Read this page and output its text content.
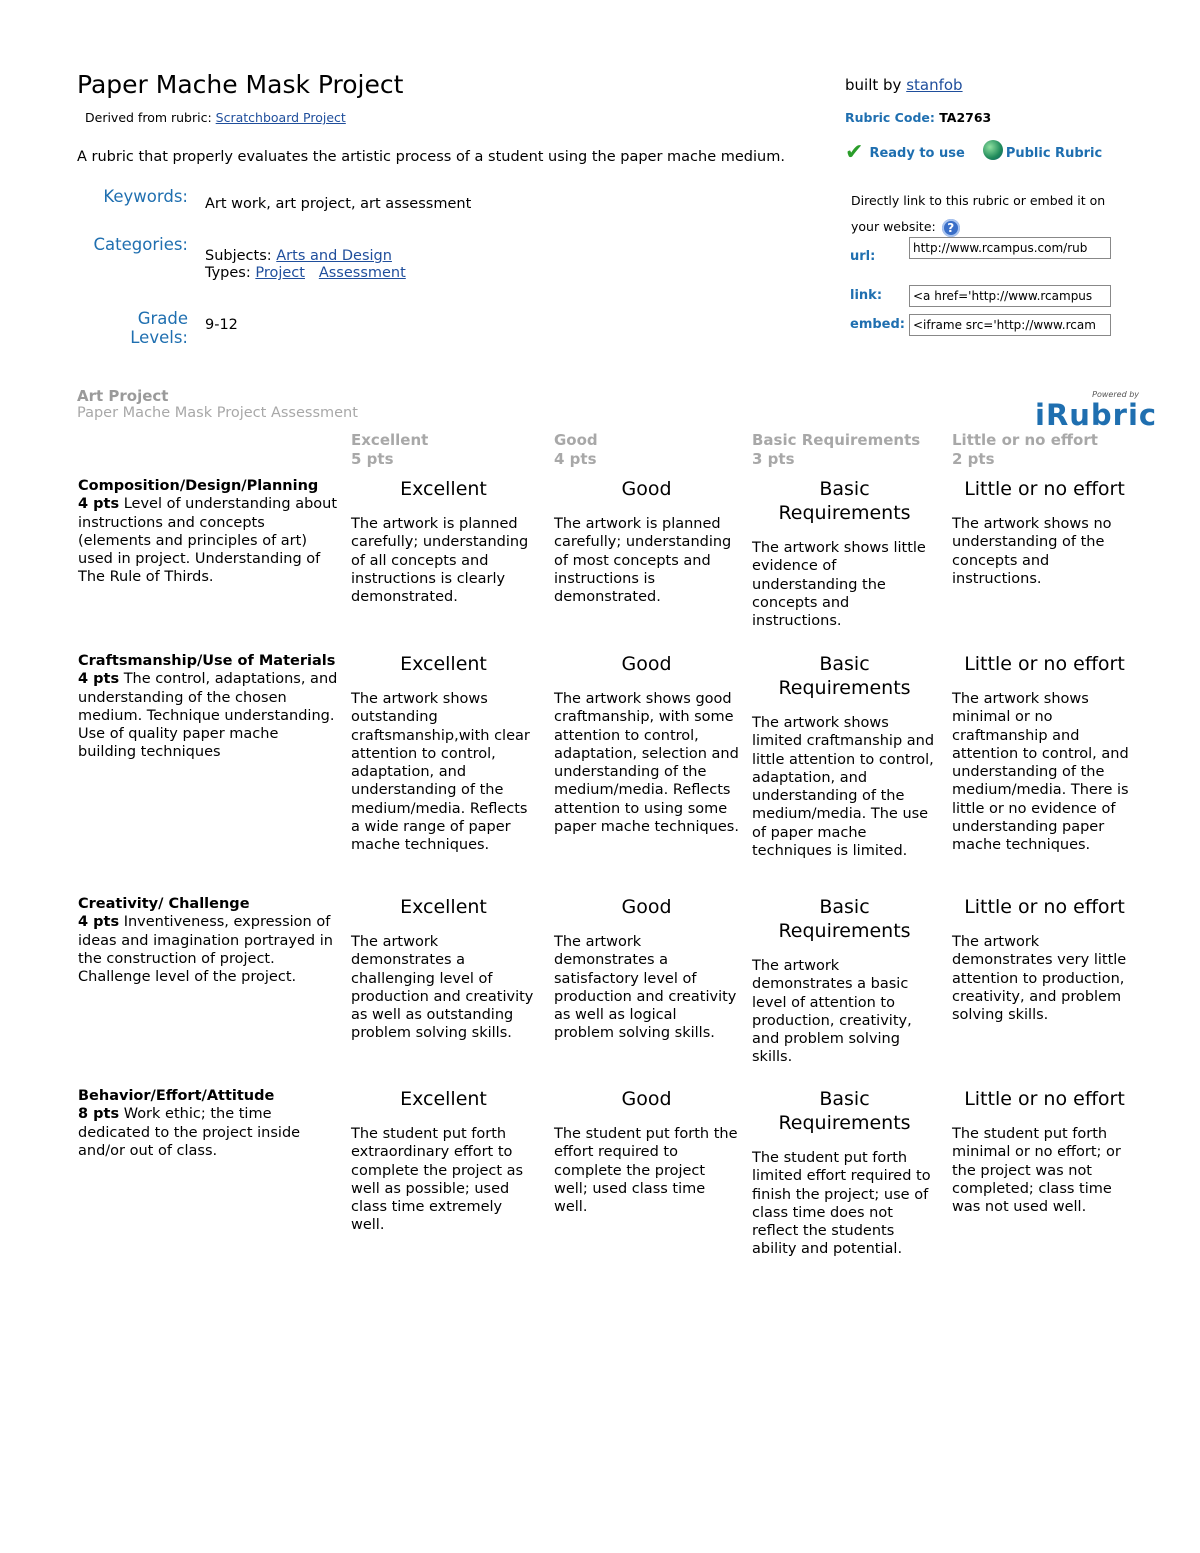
Paper Mache Mask Project
Derived from rubric: Scratchboard Project
A rubric that properly evaluates the artistic process of a student using the paper mache medium.
Keywords: Art work, art project, art assessment
Categories:
Subjects: Arts and Design
Types: Project Assessment
Grade Levels:
9-12
built by stanfob
Rubric Code: TA2763
✔ Ready to use	Public Rubric
Directly link to this rubric or embed it on your website: ?
url:
http://www.rcampus.com/rub
link:
<a href='http://www.rcampus
embed:
<iframe src='http://www.rcam
Art Project
Paper Mache Mask Project Assessment
Powered by
iRubric
Excellent
5 pts
Good
4 pts
Basic Requirements
3 pts
Little or no effort
2 pts
Composition/Design/Planning
4 pts Level of understanding about instructions and concepts (elements and principles of art) used in project. Understanding of The Rule of Thirds.
Excellent
The artwork is planned carefully; understanding of all concepts and instructions is clearly demonstrated.
Good
The artwork is planned carefully; understanding of most concepts and instructions is demonstrated.
Basic Requirements
The artwork shows little evidence of understanding the concepts and instructions.
Little or no effort
The artwork shows no understanding of the concepts and instructions.
Craftsmanship/Use of Materials
4 pts The control, adaptations, and understanding of the chosen medium. Technique understanding. Use of quality paper mache building techniques
Excellent
The artwork shows outstanding craftsmanship,with clear attention to control, adaptation, and understanding of the medium/media. Reflects a wide range of paper mache techniques.
Good
The artwork shows good craftmanship, with some attention to control, adaptation, selection and understanding of the medium/media. Reflects attention to using some paper mache techniques.
Basic Requirements
The artwork shows limited craftmanship and little attention to control, adaptation, and understanding of the medium/media. The use of paper mache techniques is limited.
Little or no effort
The artwork shows minimal or no craftmanship and attention to control, and understanding of the medium/media. There is little or no evidence of understanding paper mache techniques.
Creativity/ Challenge
4 pts Inventiveness, expression of ideas and imagination portrayed in the construction of project. Challenge level of the project.
Excellent
The artwork demonstrates a challenging level of production and creativity as well as outstanding problem solving skills.
Good
The artwork demonstrates a satisfactory level of production and creativity as well as logical problem solving skills.
Basic Requirements
The artwork demonstrates a basic level of attention to production, creativity, and problem solving skills.
Little or no effort
The artwork demonstrates very little attention to production, creativity, and problem solving skills.
Behavior/Effort/Attitude
8 pts Work ethic; the time dedicated to the project inside and/or out of class.
Excellent
The student put forth extraordinary effort to complete the project as well as possible; used class time extremely well.
Good
The student put forth the effort required to complete the project well; used class time well.
Basic Requirements
The student put forth limited effort required to finish the project; use of class time does not reflect the students ability and potential.
Little or no effort
The student put forth minimal or no effort; or the project was not completed; class time was not used well.
